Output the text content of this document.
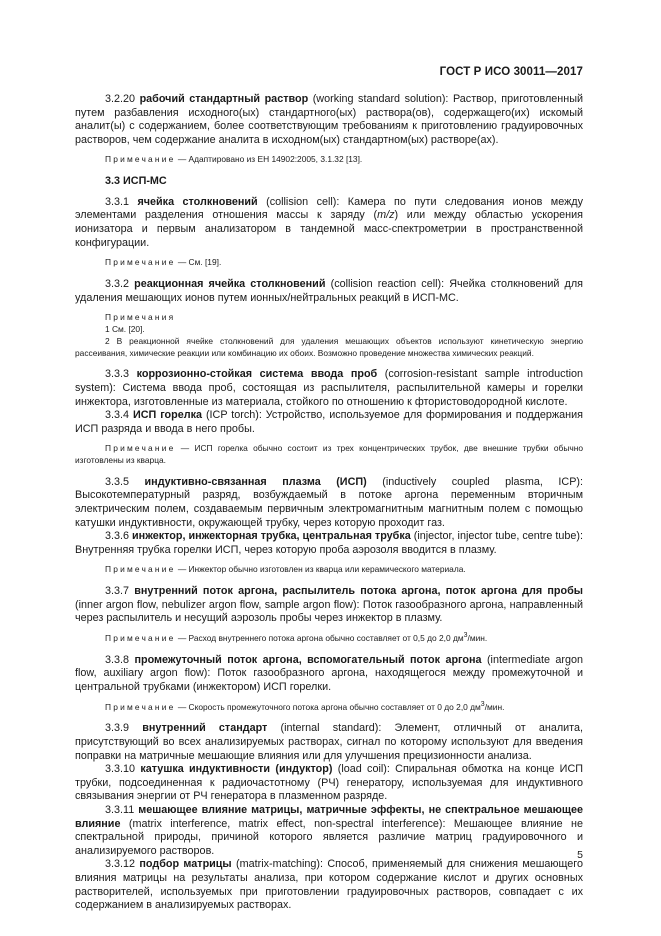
ГОСТ Р ИСО 30011—2017

3.2.20 рабочий стандартный раствор (working standard solution): Раствор, приготовленный путем разбавления исходного(ых) стандартного(ых) раствора(ов), содержащего(их) искомый аналит(ы) с содержанием, более соответствующим требованиям к приготовлению градуировочных растворов, чем содержание аналита в исходном(ых) стандартном(ых) растворе(ах).

Примечание — Адаптировано из ЕН 14902:2005, 3.1.32 [13].

3.3 ИСП-МС

3.3.1 ячейка столкновений (collision cell): Камера по пути следования ионов между элементами разделения отношения массы к заряду (m/z) или между областью ускорения ионизатора и первым анализатором в тандемной масс-спектрометрии в пространственной конфигурации.

Примечание — См. [19].

3.3.2 реакционная ячейка столкновений (collision reaction cell): Ячейка столкновений для удаления мешающих ионов путем ионных/нейтральных реакций в ИСП-МС.

Примечания

1 См. [20].

2 В реакционной ячейке столкновений для удаления мешающих объектов используют кинетическую энергию рассеивания, химические реакции или комбинацию их обоих. Возможно проведение множества химических реакций.

3.3.3 коррозионно-стойкая система ввода проб (corrosion-resistant sample introduction system): Система ввода проб, состоящая из распылителя, распылительной камеры и горелки инжектора, изготовленные из материала, стойкого по отношению к фтористоводородной кислоте.

3.3.4 ИСП горелка (ICP torch): Устройство, используемое для формирования и поддержания ИСП разряда и ввода в него пробы.

Примечание — ИСП горелка обычно состоит из трех концентрических трубок, две внешние трубки обычно изготовлены из кварца.

3.3.5 индуктивно-связанная плазма (ИСП) (inductively coupled plasma, ICP): Высокотемпературный разряд, возбуждаемый в потоке аргона переменным вторичным электрическим полем, создаваемым первичным электромагнитным магнитным полем с помощью катушки индуктивности, окружающей трубку, через которую проходит газ.

3.3.6 инжектор, инжекторная трубка, центральная трубка (injector, injector tube, centre tube): Внутренняя трубка горелки ИСП, через которую проба аэрозоля вводится в плазму.

Примечание — Инжектор обычно изготовлен из кварца или керамического материала.

3.3.7 внутренний поток аргона, распылитель потока аргона, поток аргона для пробы (inner argon flow, nebulizer argon flow, sample argon flow): Поток газообразного аргона, направленный через распылитель и несущий аэрозоль пробы через инжектор в плазму.

Примечание — Расход внутреннего потока аргона обычно составляет от 0,5 до 2,0 $дм^3$/мин.

3.3.8 промежуточный поток аргона, вспомогательный поток аргона (intermediate argon flow, auxiliary argon flow): Поток газообразного аргона, находящегося между промежуточной и центральной трубками (инжектором) ИСП горелки.

Примечание — Скорость промежуточного потока аргона обычно составляет от 0 до 2,0 $дм^3$/мин.

3.3.9 внутренний стандарт (internal standard): Элемент, отличный от аналита, присутствующий во всех анализируемых растворах, сигнал по которому используют для введения поправки на матричные мешающие влияния или для улучшения прецизионности анализа.

3.3.10 катушка индуктивности (индуктор) (load coil): Спиральная обмотка на конце ИСП трубки, подсоединенная к радиочастотному (РЧ) генератору, используемая для индуктивного связывания энергии от РЧ генератора в плазменном разряде.

3.3.11 мешающее влияние матрицы, матричные эффекты, не спектральное мешающее влияние (matrix interference, matrix effect, non-spectral interference): Мешающее влияние не спектральной природы, причиной которого является различие матриц градуировочного и анализируемого растворов.

3.3.12 подбор матрицы (matrix-matching): Способ, применяемый для снижения мешающего влияния матрицы на результаты анализа, при котором содержание кислот и других основных растворителей, используемых при приготовлении градуировочных растворов, совпадает с их содержанием в анализируемых растворах.

5
